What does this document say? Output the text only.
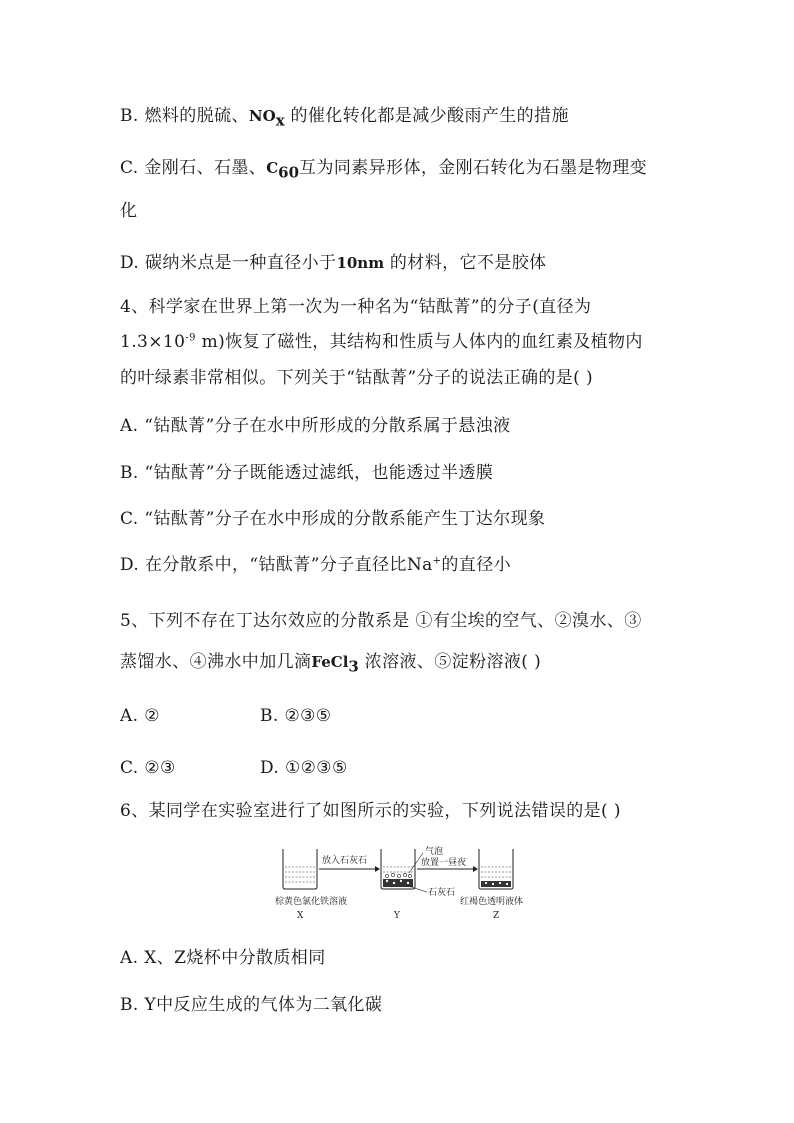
B. 燃料的脱硫、$NO_x$ 的催化转化都是减少酸雨产生的措施
C. 金刚石、石墨、$C_{60}$互为同素异形体，金刚石转化为石墨是物理变
化
D. 碳纳米点是一种直径小于10nm 的材料，它不是胶体
4、科学家在世界上第一次为一种名为“钴酞菁”的分子(直径为
$1.3\times 10^{-9}$ m)恢复了磁性，其结构和性质与人体内的血红素及植物内
的叶绿素非常相似。下列关于“钴酞菁”分子的说法正确的是( )
A. “钴酞菁”分子在水中所形成的分散系属于悬浊液
B. “钴酞菁”分子既能透过滤纸，也能透过半透膜
C. “钴酞菁”分子在水中形成的分散系能产生丁达尔现象
D. 在分散系中，“钴酞菁”分子直径比Na+的直径小
5、下列不存在丁达尔效应的分散系是 ①有尘埃的空气、②溴水、③
蒸馏水、④沸水中加几滴FeCl$_3$ 浓溶液、⑤淀粉溶液( )
A. ②	B. ②③⑤
C. ②③	D. ①②③⑤
6、某同学在实验室进行了如图所示的实验，下列说法错误的是( )
放入石灰石
气泡
放置一昼夜
石灰石
棕黄色氯化铁溶液
X	Y
红褐色透明液体
Z
A. X、Z烧杯中分散质相同
B. Y中反应生成的气体为二氧化碳
